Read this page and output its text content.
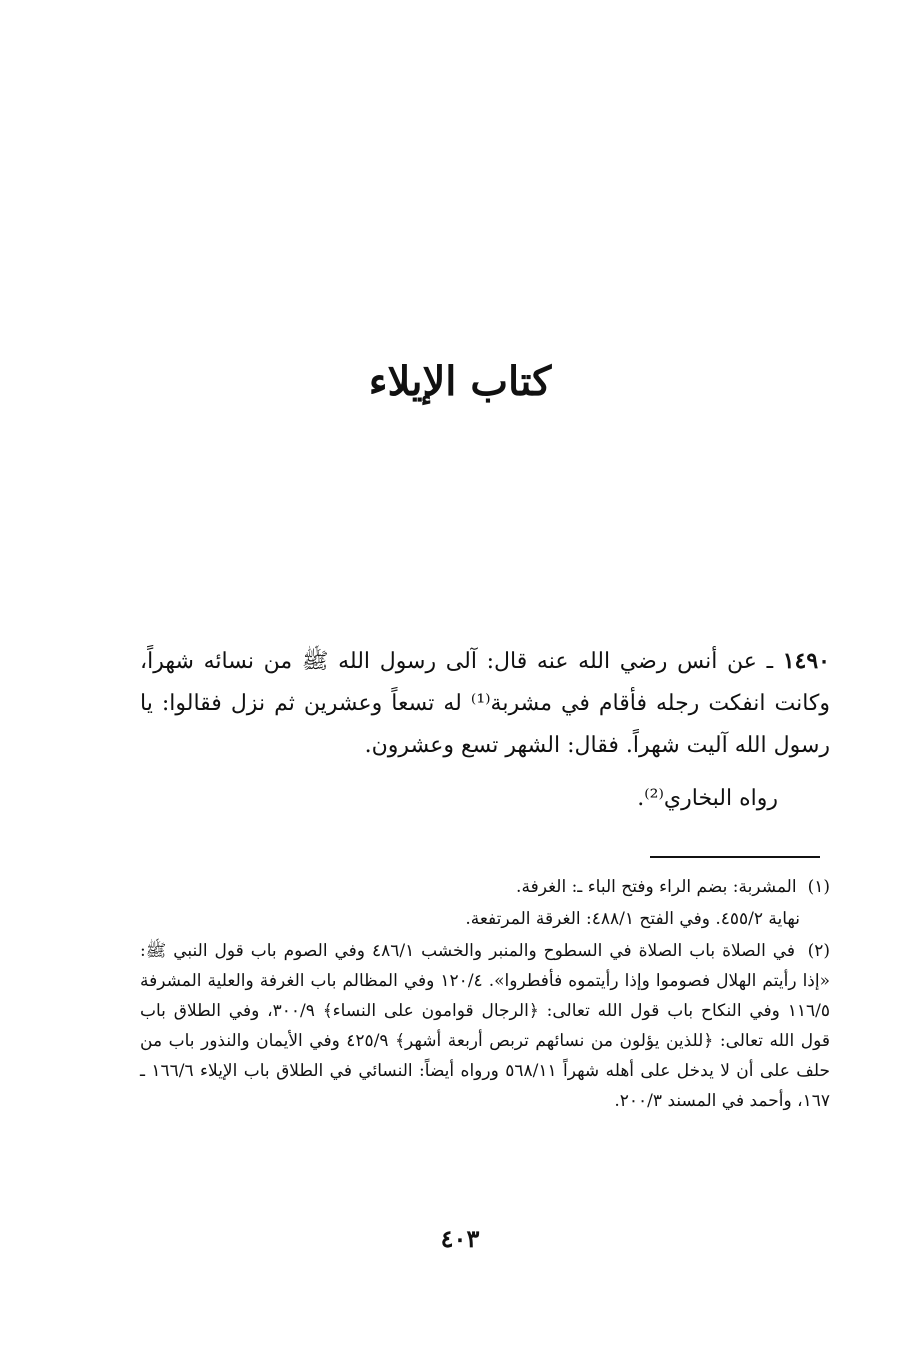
كتاب الإيلاء

١٤٩٠ ـ عن أنس رضي الله عنه قال: آلى رسول الله ﷺ من نسائه شهراً، وكانت انفكت رجله فأقام في مشربة⁽¹⁾ له تسعاً وعشرين ثم نزل فقالوا: يا رسول الله آليت شهراً. فقال: الشهر تسع وعشرون.

رواه البخاري⁽²⁾.

(١) المشربة: بضم الراء وفتح الباء ـ: الغرفة.

نهاية ٤٥٥/٢. وفي الفتح ٤٨٨/١: الغرقة المرتفعة.

(٢) في الصلاة باب الصلاة في السطوح والمنبر والخشب ٤٨٦/١ وفي الصوم باب قول النبي ﷺ: «إذا رأيتم الهلال فصوموا وإذا رأيتموه فأفطروا». ١٢٠/٤ وفي المظالم باب الغرفة والعلية المشرفة ١١٦/٥ وفي النكاح باب قول الله تعالى: ﴿الرجال قوامون على النساء﴾ ٣٠٠/٩، وفي الطلاق باب قول الله تعالى: ﴿للذين يؤلون من نسائهم تربص أربعة أشهر﴾ ٤٢٥/٩ وفي الأيمان والنذور باب من حلف على أن لا يدخل على أهله شهراً ٥٦٨/١١ ورواه أيضاً: النسائي في الطلاق باب الإيلاء ١٦٦/٦ ـ ١٦٧، وأحمد في المسند ٢٠٠/٣.

٤٠٣
